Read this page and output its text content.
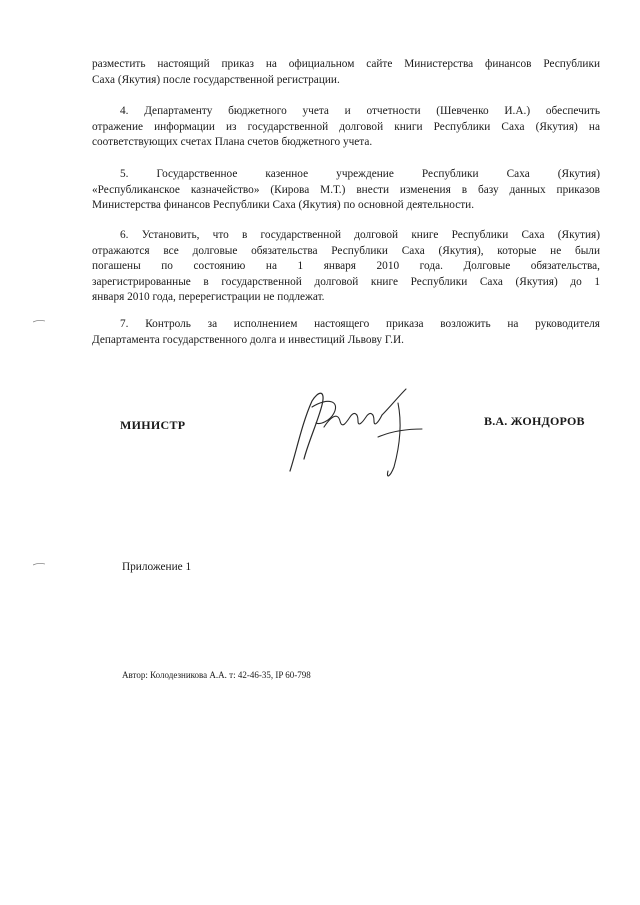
разместить настоящий приказ на официальном сайте Министерства финансов Республики
Саха (Якутия) после государственной регистрации.
4. Департаменту бюджетного учета и отчетности (Шевченко И.А.) обеспечить
отражение информации из государственной долговой книги Республики Саха (Якутия) на
соответствующих счетах Плана счетов бюджетного учета.
5. Государственное казенное учреждение Республики Саха (Якутия)
«Республиканское казначейство» (Кирова М.Т.) внести изменения в базу данных приказов
Министерства финансов Республики Саха (Якутия) по основной деятельности.
6. Установить, что в государственной долговой книге Республики Саха (Якутия)
отражаются все долговые обязательства Республики Саха (Якутия), которые не были
погашены по состоянию на 1 января 2010 года. Долговые обязательства,
зарегистрированные в государственной долговой книге Республики Саха (Якутия) до 1
января 2010 года, перерегистрации не подлежат.
7. Контроль за исполнением настоящего приказа возложить на руководителя
Департамента государственного долга и инвестиций Львову Г.И.
МИНИСТР	В.А. ЖОНДОРОВ
Приложение 1
Автор: Колодезникова А.А. т: 42-46-35, IP 60-798
